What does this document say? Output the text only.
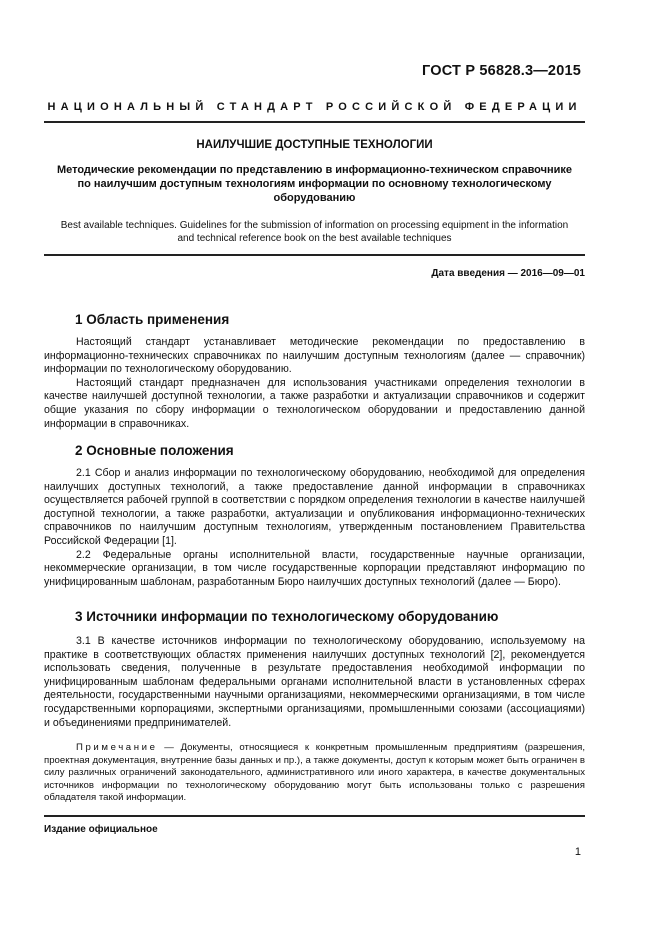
ГОСТ Р 56828.3—2015
НАЦИОНАЛЬНЫЙ СТАНДАРТ РОССИЙСКОЙ ФЕДЕРАЦИИ
НАИЛУЧШИЕ ДОСТУПНЫЕ ТЕХНОЛОГИИ
Методические рекомендации по представлению в информационно-техническом справочнике по наилучшим доступным технологиям информации по основному технологическому оборудованию
Best available techniques. Guidelines for the submission of information on processing equipment in the information and technical reference book on the best available techniques
Дата введения — 2016—09—01
1 Область применения

Настоящий стандарт устанавливает методические рекомендации по предоставлению в информационно-технических справочниках по наилучшим доступным технологиям (далее — справочник) информации по технологическому оборудованию.

Настоящий стандарт предназначен для использования участниками определения технологии в качестве наилучшей доступной технологии, а также разработки и актуализации справочников и содержит общие указания по сбору информации о технологическом оборудовании и предоставлению данной информации в справочниках.

2 Основные положения

2.1 Сбор и анализ информации по технологическому оборудованию, необходимой для определения наилучших доступных технологий, а также предоставление данной информации в справочниках осуществляется рабочей группой в соответствии с порядком определения технологии в качестве наилучшей доступной технологии, а также разработки, актуализации и опубликования информационно-технических справочников по наилучшим доступным технологиям, утвержденным постановлением Правительства Российской Федерации [1].

2.2 Федеральные органы исполнительной власти, государственные научные организации, некоммерческие организации, в том числе государственные корпорации представляют информацию по унифицированным шаблонам, разработанным Бюро наилучших доступных технологий (далее — Бюро).

3 Источники информации по технологическому оборудованию

3.1 В качестве источников информации по технологическому оборудованию, используемому на практике в соответствующих областях применения наилучших доступных технологий [2], рекомендуется использовать сведения, полученные в результате предоставления необходимой информации по унифицированным шаблонам федеральными органами исполнительной власти в установленных сферах деятельности, государственными научными организациями, некоммерческими организациями, в том числе государственными корпорациями, экспертными организациями, промышленными союзами (ассоциациями) и объединениями предпринимателей.

Примечание — Документы, относящиеся к конкретным промышленным предприятиям (разрешения, проектная документация, внутренние базы данных и пр.), а также документы, доступ к которым может быть ограничен в силу различных ограничений законодательного, административного или иного характера, в качестве документальных источников информации по технологическому оборудованию могут быть использованы только с разрешения обладателя такой информации.
Издание официальное
1
